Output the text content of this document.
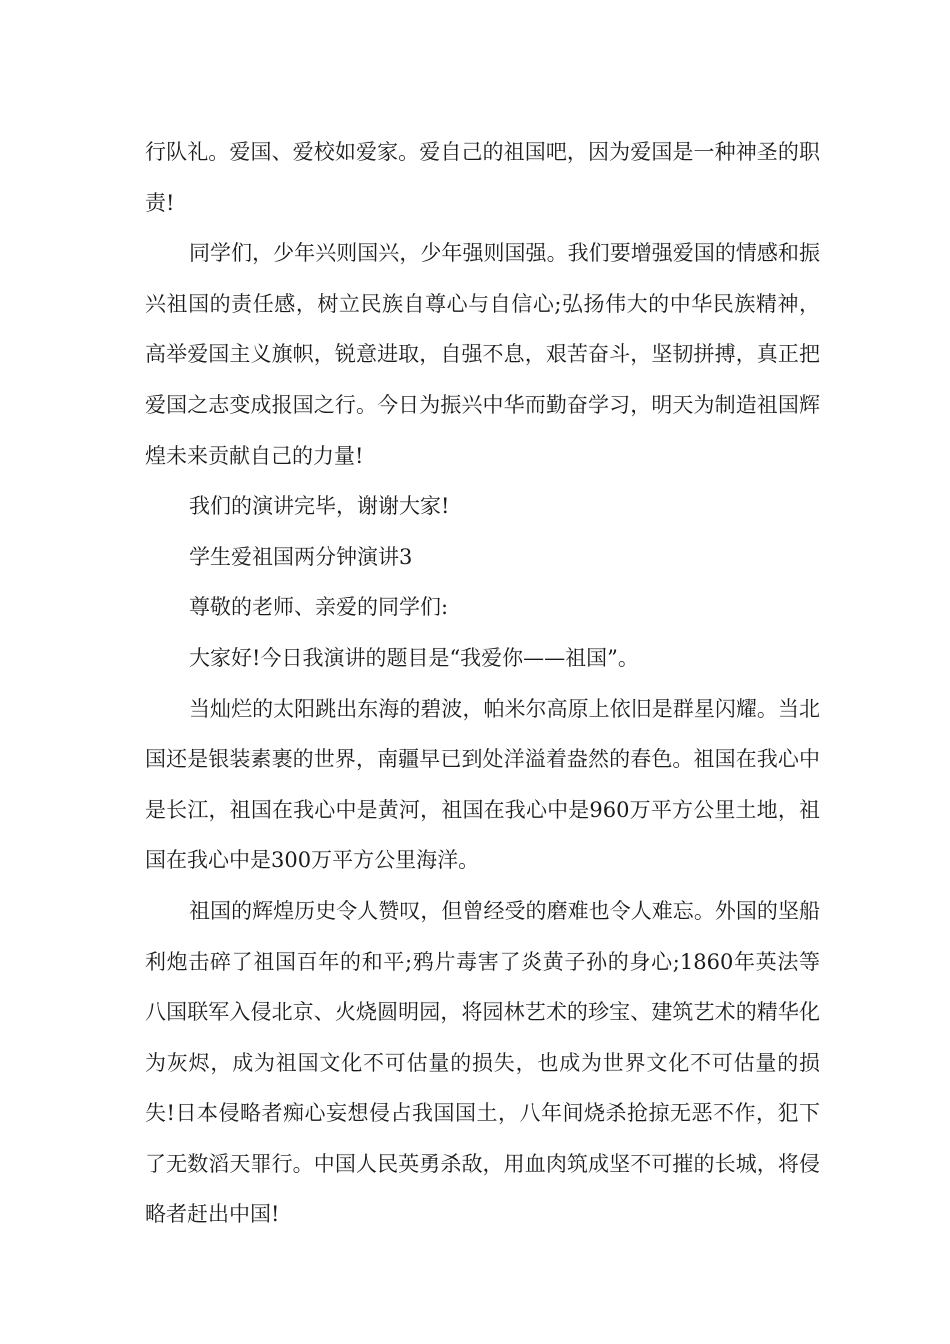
行队礼。爱国、爱校如爱家。爱自己的祖国吧，因为爱国是一种神圣的职责!

同学们，少年兴则国兴，少年强则国强。我们要增强爱国的情感和振兴祖国的责任感，树立民族自尊心与自信心;弘扬伟大的中华民族精神，高举爱国主义旗帜，锐意进取，自强不息，艰苦奋斗，坚韧拼搏，真正把爱国之志变成报国之行。今日为振兴中华而勤奋学习，明天为制造祖国辉煌未来贡献自己的力量!

我们的演讲完毕，谢谢大家!

学生爱祖国两分钟演讲3

尊敬的老师、亲爱的同学们:

大家好!今日我演讲的题目是“我爱你——祖国”。

当灿烂的太阳跳出东海的碧波，帕米尔高原上依旧是群星闪耀。当北国还是银装素裹的世界，南疆早已到处洋溢着盎然的春色。祖国在我心中是长江，祖国在我心中是黄河，祖国在我心中是960万平方公里土地，祖国在我心中是300万平方公里海洋。

祖国的辉煌历史令人赞叹，但曾经受的磨难也令人难忘。外国的坚船利炮击碎了祖国百年的和平;鸦片毒害了炎黄子孙的身心;1860年英法等八国联军入侵北京、火烧圆明园，将园林艺术的珍宝、建筑艺术的精华化为灰烬，成为祖国文化不可估量的损失，也成为世界文化不可估量的损失!日本侵略者痴心妄想侵占我国国土，八年间烧杀抢掠无恶不作，犯下了无数滔天罪行。中国人民英勇杀敌，用血肉筑成坚不可摧的长城，将侵略者赶出中国!
